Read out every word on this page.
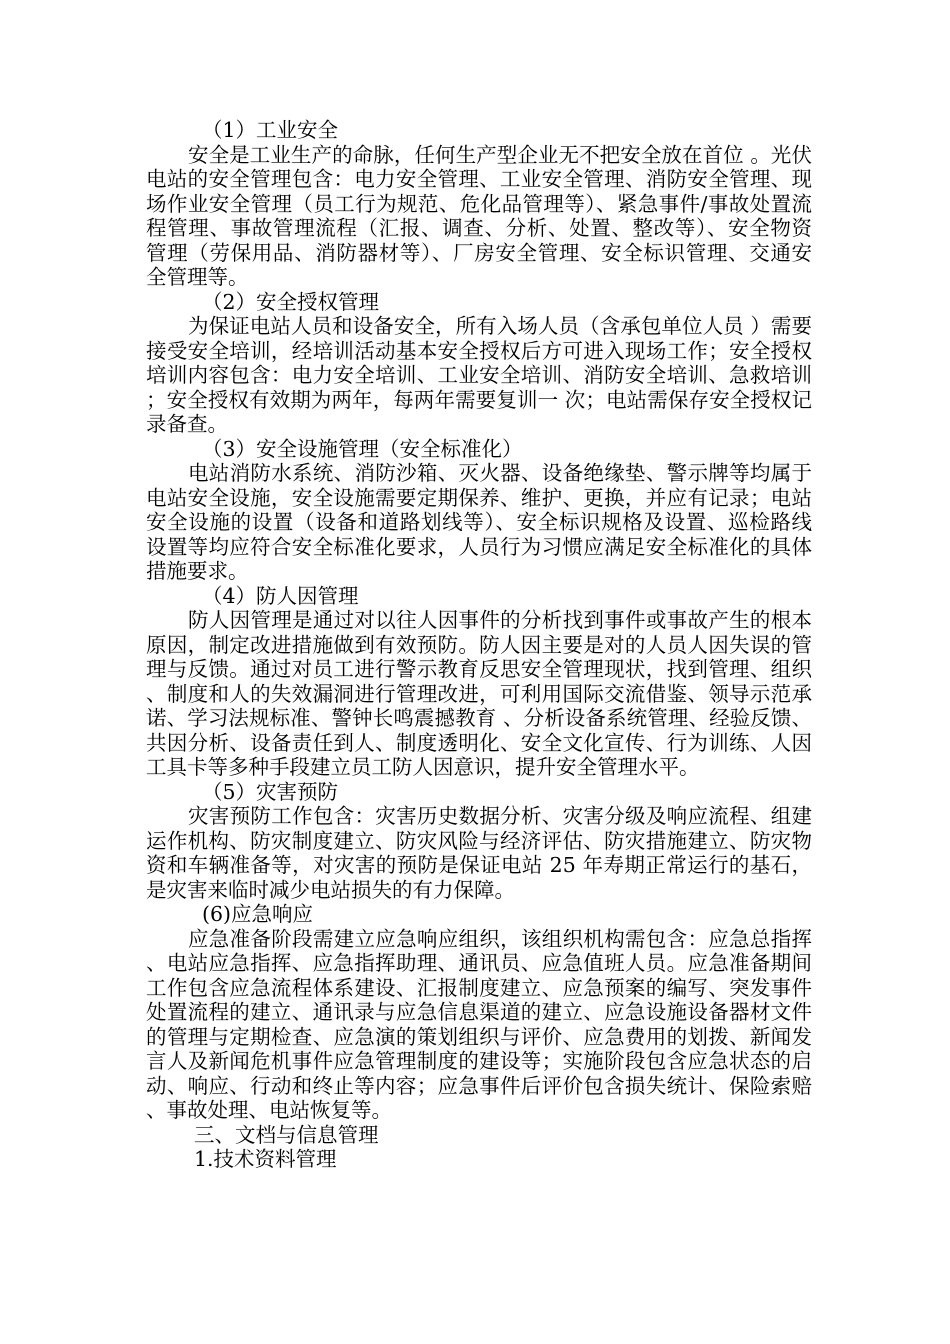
（1）工业安全

安全是工业生产的命脉，任何生产型企业无不把安全放在首位 。光伏电站的安全管理包含：电力安全管理、工业安全管理、消防安全管理、现场作业安全管理（员工行为规范、危化品管理等）、紧急事件/事故处置流程管理、事故管理流程（汇报、调查、分析、处置、整改等）、安全物资管理（劳保用品、消防器材等）、厂房安全管理、安全标识管理、交通安全管理等。

（2）安全授权管理

为保证电站人员和设备安全，所有入场人员（含承包单位人员 ）需要接受安全培训，经培训活动基本安全授权后方可进入现场工作；安全授权培训内容包含：电力安全培训、工业安全培训、消防安全培训、急救培训；安全授权有效期为两年，每两年需要复训一 次；电站需保存安全授权记录备查。

（3）安全设施管理（安全标准化）

电站消防水系统、消防沙箱、灭火器、设备绝缘垫、警示牌等均属于电站安全设施，安全设施需要定期保养、维护、更换，并应有记录；电站安全设施的设置（设备和道路划线等）、安全标识规格及设置、巡检路线设置等均应符合安全标准化要求，人员行为习惯应满足安全标准化的具体措施要求。

（4）防人因管理

防人因管理是通过对以往人因事件的分析找到事件或事故产生的根本原因，制定改进措施做到有效预防。防人因主要是对的人员人因失误的管理与反馈。通过对员工进行警示教育反思安全管理现状，找到管理、组织、制度和人的失效漏洞进行管理改进，可利用国际交流借鉴、领导示范承诺、学习法规标准、警钟长鸣震撼教育 、分析设备系统管理、经验反馈、共因分析、设备责任到人、制度透明化、安全文化宣传、行为训练、人因工具卡等多种手段建立员工防人因意识，提升安全管理水平。

（5）灾害预防

灾害预防工作包含：灾害历史数据分析、灾害分级及响应流程、组建运作机构、防灾制度建立、防灾风险与经济评估、防灾措施建立、防灾物资和车辆准备等，对灾害的预防是保证电站 25 年寿期正常运行的基石，是灾害来临时减少电站损失的有力保障。

(6)应急响应

应急准备阶段需建立应急响应组织，该组织机构需包含：应急总指挥、电站应急指挥、应急指挥助理、通讯员、应急值班人员。应急准备期间工作包含应急流程体系建设、汇报制度建立、应急预案的编写、突发事件处置流程的建立、通讯录与应急信息渠道的建立、应急设施设备器材文件的管理与定期检查、应急演的策划组织与评价、应急费用的划拨、新闻发言人及新闻危机事件应急管理制度的建设等；实施阶段包含应急状态的启动、响应、行动和终止等内容；应急事件后评价包含损失统计、保险索赔、事故处理、电站恢复等。

三、文档与信息管理

1.技术资料管理
